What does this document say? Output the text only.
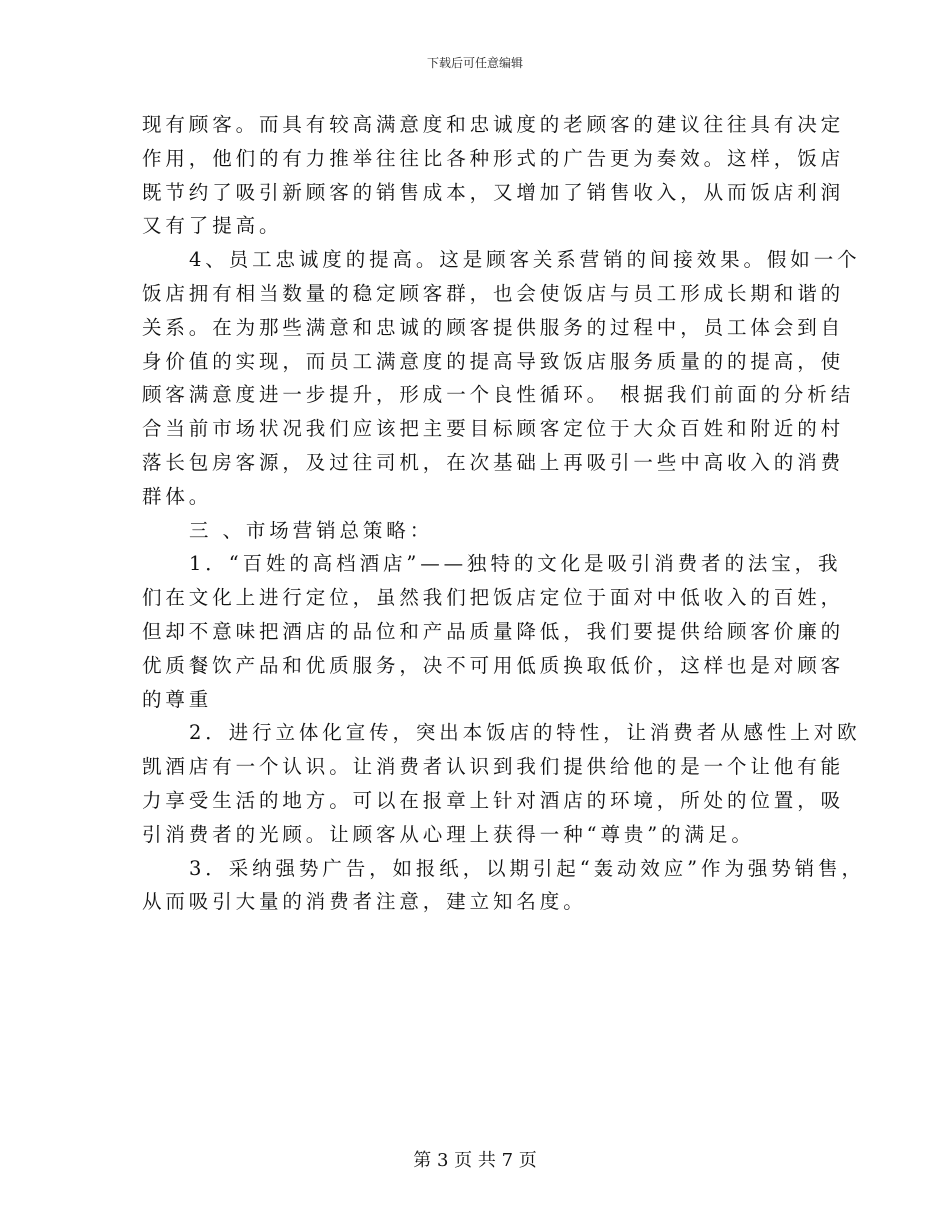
下载后可任意编辑
现有顾客。而具有较高满意度和忠诚度的老顾客的建议往往具有决定
作用，他们的有力推举往往比各种形式的广告更为奏效。这样，饭店
既节约了吸引新顾客的销售成本，又增加了销售收入，从而饭店利润
又有了提高。
4、员工忠诚度的提高。这是顾客关系营销的间接效果。假如一个
饭店拥有相当数量的稳定顾客群，也会使饭店与员工形成长期和谐的
关系。在为那些满意和忠诚的顾客提供服务的过程中，员工体会到自
身价值的实现，而员工满意度的提高导致饭店服务质量的的提高，使
顾客满意度进一步提升，形成一个良性循环。 根据我们前面的分析结
合当前市场状况我们应该把主要目标顾客定位于大众百姓和附近的村
落长包房客源，及过往司机，在次基础上再吸引一些中高收入的消费
群体。
三 、市场营销总策略：
1．“百姓的高档酒店”——独特的文化是吸引消费者的法宝，我
们在文化上进行定位，虽然我们把饭店定位于面对中低收入的百姓，
但却不意味把酒店的品位和产品质量降低，我们要提供给顾客价廉的
优质餐饮产品和优质服务，决不可用低质换取低价，这样也是对顾客
的尊重
2．进行立体化宣传，突出本饭店的特性，让消费者从感性上对欧
凯酒店有一个认识。让消费者认识到我们提供给他的是一个让他有能
力享受生活的地方。可以在报章上针对酒店的环境，所处的位置，吸
引消费者的光顾。让顾客从心理上获得一种“尊贵”的满足。
3．采纳强势广告，如报纸，以期引起“轰动效应”作为强势销售，
从而吸引大量的消费者注意，建立知名度。
第 3 页 共 7 页
